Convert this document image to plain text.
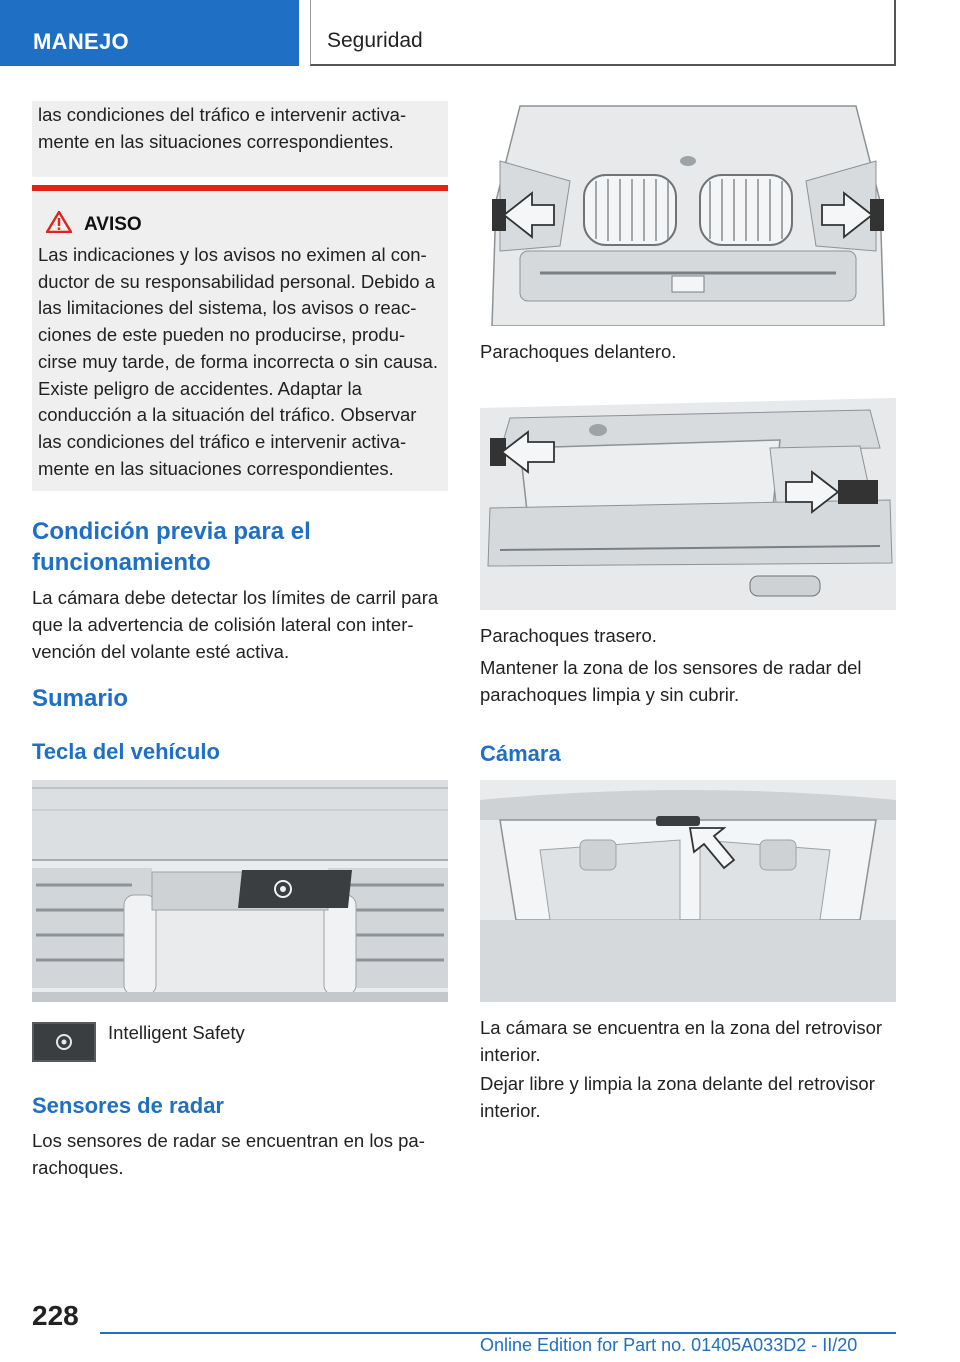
MANEJO	Seguridad
las condiciones del tráfico e intervenir activa-mente en las situaciones correspondientes.
AVISO
Las indicaciones y los avisos no eximen al con-ductor de su responsabilidad personal. Debido a las limitaciones del sistema, los avisos o reac-ciones de este pueden no producirse, produ-cirse muy tarde, de forma incorrecta o sin causa. Existe peligro de accidentes. Adaptar la conducción a la situación del tráfico. Observar las condiciones del tráfico e intervenir activa-mente en las situaciones correspondientes.
Condición previa para el funcionamiento
La cámara debe detectar los límites de carril para que la advertencia de colisión lateral con inter-vención del volante esté activa.
Sumario
Tecla del vehículo
Intelligent Safety
Sensores de radar
Los sensores de radar se encuentran en los pa-rachoques.
Parachoques delantero.
Parachoques trasero.
Mantener la zona de los sensores de radar del parachoques limpia y sin cubrir.
Cámara
La cámara se encuentra en la zona del retrovisor interior.
Dejar libre y limpia la zona delante del retrovisor interior.
228
Online Edition for Part no. 01405A033D2 - II/20
